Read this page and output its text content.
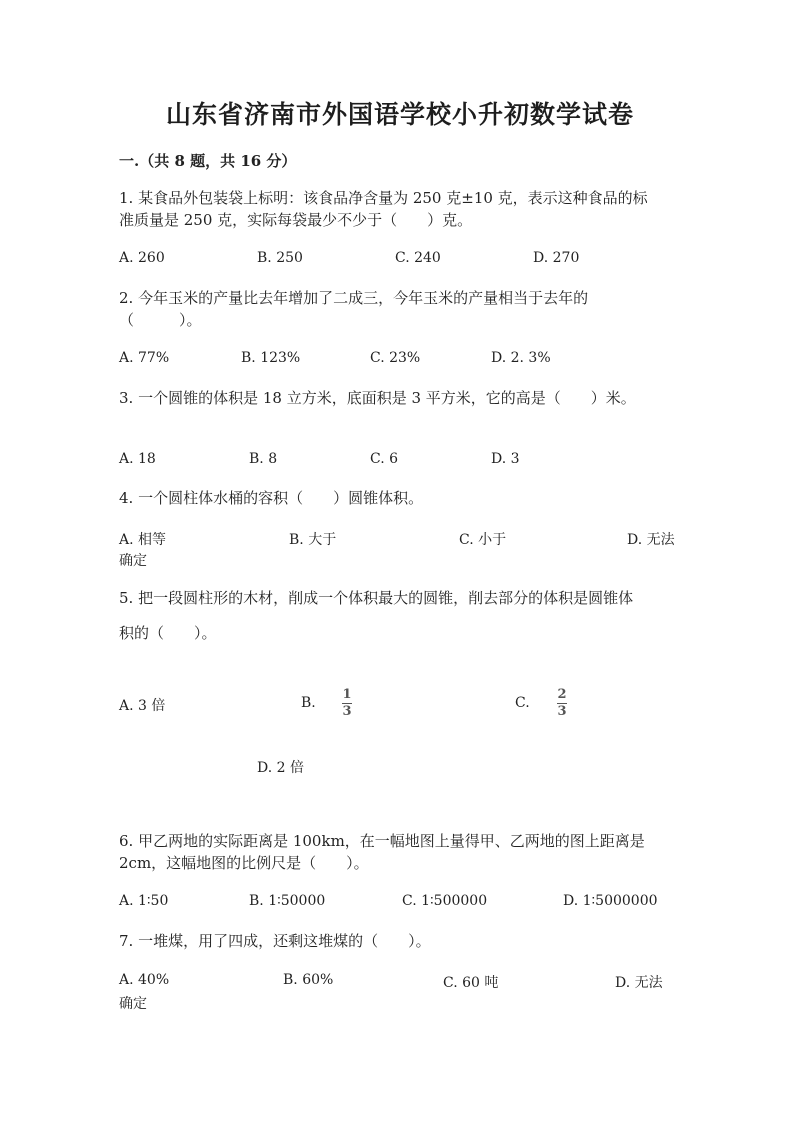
山东省济南市外国语学校小升初数学试卷
一.（共 8 题，共 16 分）
1. 某食品外包装袋上标明：该食品净含量为 250 克±10 克，表示这种食品的标
准质量是 250 克，实际每袋最少不少于（　　）克。
A. 260	B. 250	C. 240	D. 270
2. 今年玉米的产量比去年增加了二成三，今年玉米的产量相当于去年的
（　　　）。
A. 77%	B. 123%	C. 23%	D. 2. 3%
3. 一个圆锥的体积是 18 立方米，底面积是 3 平方米，它的高是（　　）米。
A. 18	B. 8	C. 6	D. 3
4. 一个圆柱体水桶的容积（　　）圆锥体积。
A. 相等	B. 大于	C. 小于	D. 无法
确定
5. 把一段圆柱形的木材，削成一个体积最大的圆锥，削去部分的体积是圆锥体
积的（　　）。
A. 3 倍	B.
1
3
C.
2
3
D. 2 倍
6. 甲乙两地的实际距离是 100km，在一幅地图上量得甲、乙两地的图上距离是
2cm，这幅地图的比例尺是（　　）。
A. 1∶50	B. 1∶50000	C. 1∶500000	D. 1∶5000000
7. 一堆煤，用了四成，还剩这堆煤的（　　）。
A. 40%	B. 60%	C. 60 吨	D. 无法
确定
